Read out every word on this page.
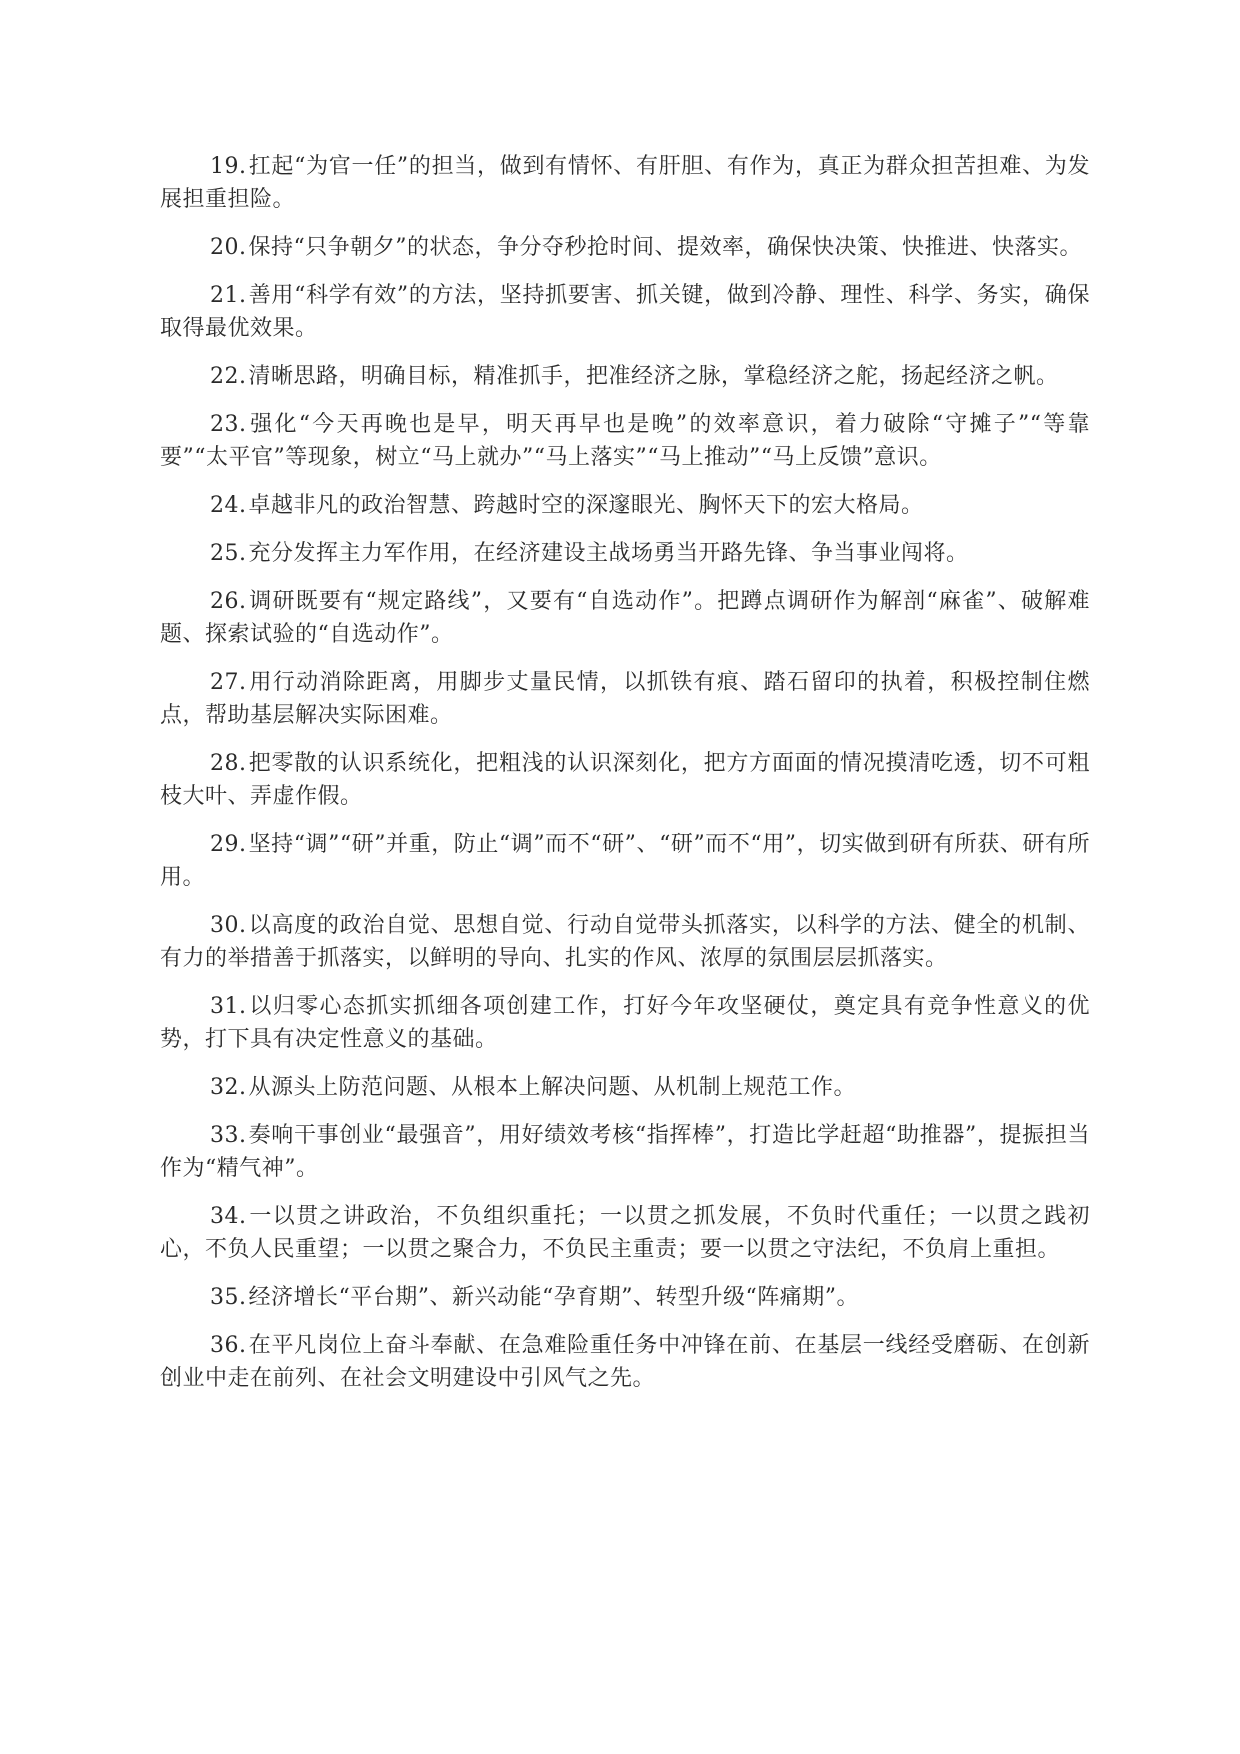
19.扛起“为官一任”的担当，做到有情怀、有肝胆、有作为，真正为群众担苦担难、为发展担重担险。

20.保持“只争朝夕”的状态，争分夺秒抢时间、提效率，确保快决策、快推进、快落实。

21.善用“科学有效”的方法，坚持抓要害、抓关键，做到冷静、理性、科学、务实，确保取得最优效果。

22.清晰思路，明确目标，精准抓手，把准经济之脉，掌稳经济之舵，扬起经济之帆。

23.强化“今天再晚也是早，明天再早也是晚”的效率意识，着力破除“守摊子”“等靠要”“太平官”等现象，树立“马上就办”“马上落实”“马上推动”“马上反馈”意识。

24.卓越非凡的政治智慧、跨越时空的深邃眼光、胸怀天下的宏大格局。

25.充分发挥主力军作用，在经济建设主战场勇当开路先锋、争当事业闯将。

26.调研既要有“规定路线”，又要有“自选动作”。把蹲点调研作为解剖“麻雀”、破解难题、探索试验的“自选动作”。

27.用行动消除距离，用脚步丈量民情，以抓铁有痕、踏石留印的执着，积极控制住燃点，帮助基层解决实际困难。

28.把零散的认识系统化，把粗浅的认识深刻化，把方方面面的情况摸清吃透，切不可粗枝大叶、弄虚作假。

29.坚持“调”“研”并重，防止“调”而不“研”、“研”而不“用”，切实做到研有所获、研有所用。

30.以高度的政治自觉、思想自觉、行动自觉带头抓落实，以科学的方法、健全的机制、有力的举措善于抓落实，以鲜明的导向、扎实的作风、浓厚的氛围层层抓落实。

31.以归零心态抓实抓细各项创建工作，打好今年攻坚硬仗，奠定具有竞争性意义的优势，打下具有决定性意义的基础。

32.从源头上防范问题、从根本上解决问题、从机制上规范工作。

33.奏响干事创业“最强音”，用好绩效考核“指挥棒”，打造比学赶超“助推器”，提振担当作为“精气神”。

34.一以贯之讲政治，不负组织重托；一以贯之抓发展，不负时代重任；一以贯之践初心，不负人民重望；一以贯之聚合力，不负民主重责；要一以贯之守法纪，不负肩上重担。

35.经济增长“平台期”、新兴动能“孕育期”、转型升级“阵痛期”。

36.在平凡岗位上奋斗奉献、在急难险重任务中冲锋在前、在基层一线经受磨砺、在创新创业中走在前列、在社会文明建设中引风气之先。
